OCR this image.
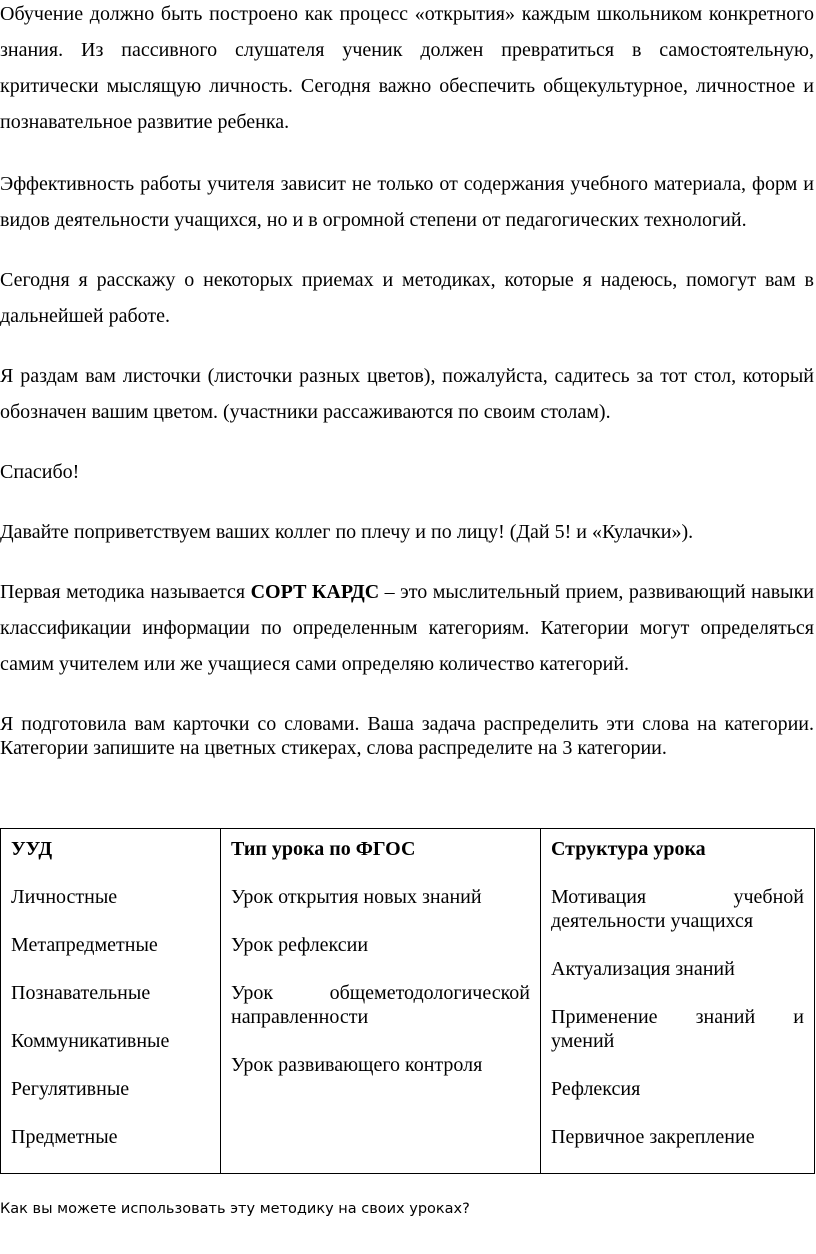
Обучение должно быть построено как процесс «открытия» каждым школьником конкретного знания. Из пассивного слушателя ученик должен превратиться в самостоятельную, критически мыслящую личность. Сегодня важно обеспечить общекультурное, личностное и познавательное развитие ребенка.

Эффективность работы учителя зависит не только от содержания учебного материала, форм и видов деятельности учащихся, но и в огромной степени от педагогических технологий.

Сегодня я расскажу о некоторых приемах и методиках, которые я надеюсь, помогут вам в дальнейшей работе.

Я раздам вам листочки (листочки разных цветов), пожалуйста, садитесь за тот стол, который обозначен вашим цветом. (участники рассаживаются по своим столам).

Спасибо!

Давайте поприветствуем ваших коллег по плечу и по лицу! (Дай 5! и «Кулачки»).

Первая методика называется СОРТ КАРДС – это мыслительный прием, развивающий навыки классификации информации по определенным категориям. Категории могут определяться самим учителем или же учащиеся сами определяю количество категорий.

Я подготовила вам карточки со словами. Ваша задача распределить эти слова на категории. Категории запишите на цветных стикерах, слова распределите на 3 категории.

УУД
Личностные
Метапредметные
Познавательные
Коммуникативные
Регулятивные
Предметные

Тип урока по ФГОС
Урок открытия новых знаний
Урок рефлексии
Урок общеметодологической направленности
Урок развивающего контроля

Структура урока
Мотивация учебной деятельности учащихся
Актуализация знаний
Применение знаний и умений
Рефлексия
Первичное закрепление

Как вы можете использовать эту методику на своих уроках?
